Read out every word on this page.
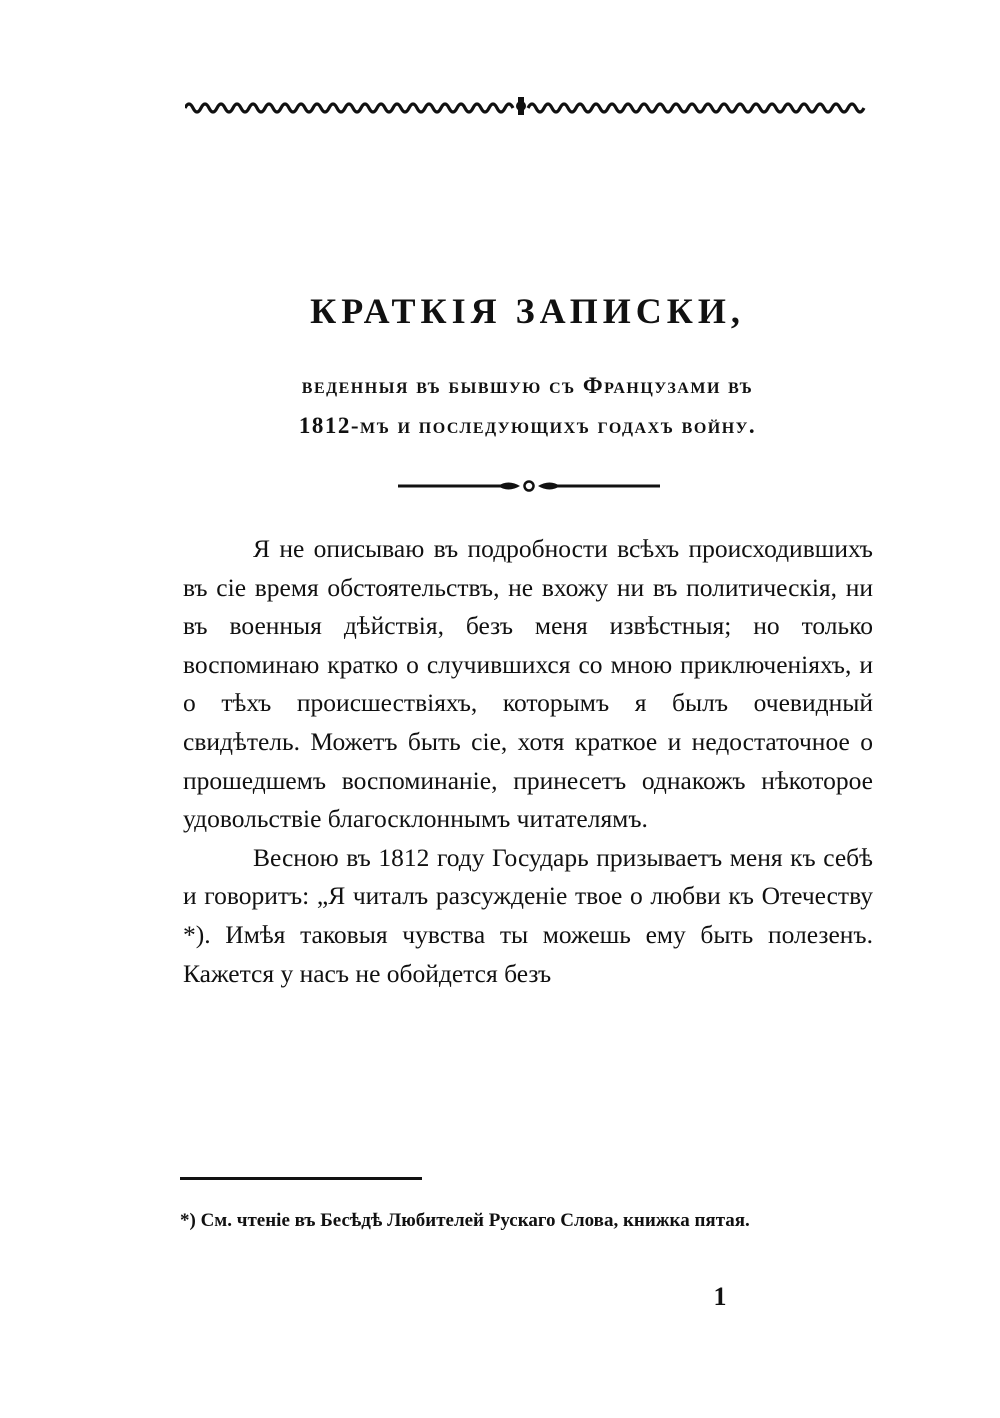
КРАТКІЯ ЗАПИСКИ,
веденныя въ бывшую съ Французами въ
1812-мъ и последующихъ годахъ войну.

Я не описываю въ подробности всѣхъ происходившихъ въ сіе время обстоятельствъ, не вхожу ни въ политическія, ни въ военныя дѣйствія, безъ меня извѣстныя; но только воспоминаю кратко о случившихся со мною приключеніяхъ, и о тѣхъ происшествіяхъ, которымъ я былъ очевидный свидѣтель. Можетъ быть сіе, хотя краткое и недостаточное о прошедшемъ воспоминаніе, принесетъ однакожъ нѣкоторое удовольствіе благосклоннымъ читателямъ.

Весною въ 1812 году Государь призываетъ меня къ себѣ и говоритъ: „Я читалъ разсужденіе твое о любви къ Отечеству *). Имѣя таковыя чувства ты можешь ему быть полезенъ. Кажется у насъ не обойдется безъ

*) См. чтеніе въ Бесѣдѣ Любителей Рускаго Слова, книжка пятая.

1
